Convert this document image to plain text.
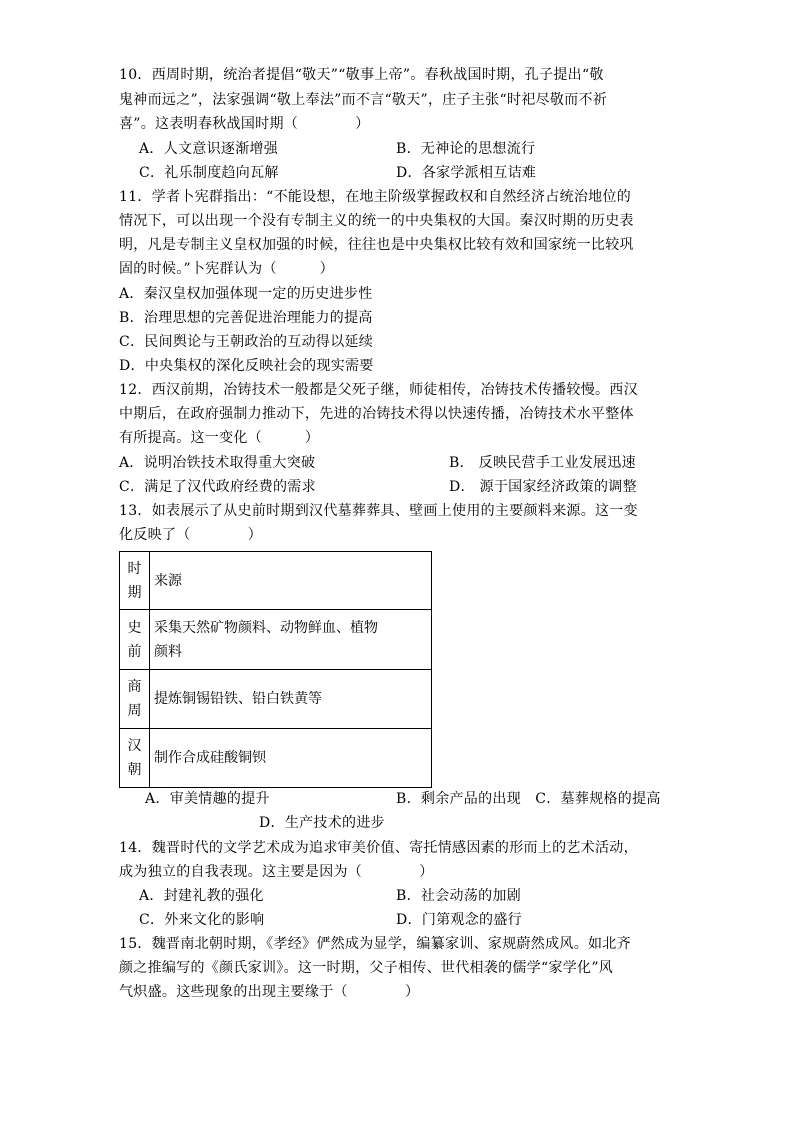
10．西周时期，统治者提倡“敬天”“敬事上帝”。春秋战国时期，孔子提出“敬
鬼神而远之”，法家强调“敬上奉法”而不言“敬天”，庄子主张“时祀尽敬而不祈
喜”。这表明春秋战国时期（　　　　）
A．人文意识逐渐增强	B．无神论的思想流行
C．礼乐制度趋向瓦解	D．各家学派相互诘难
11．学者卜宪群指出：“不能设想，在地主阶级掌握政权和自然经济占统治地位的
情况下，可以出现一个没有专制主义的统一的中央集权的大国。秦汉时期的历史表
明，凡是专制主义皇权加强的时候，往往也是中央集权比较有效和国家统一比较巩
固的时候。”卜宪群认为（　　　）
A．秦汉皇权加强体现一定的历史进步性
B．治理思想的完善促进治理能力的提高
C．民间舆论与王朝政治的互动得以延续
D．中央集权的深化反映社会的现实需要
12．西汉前期，冶铸技术一般都是父死子继，师徒相传，冶铸技术传播较慢。西汉
中期后，在政府强制力推动下，先进的冶铸技术得以快速传播，冶铸技术水平整体
有所提高。这一变化（　　　）
A．说明冶铁技术取得重大突破	B． 反映民营手工业发展迅速
C．满足了汉代政府经费的需求	D． 源于国家经济政策的调整
13．如表展示了从史前时期到汉代墓葬葬具、壁画上使用的主要颜料来源。这一变
化反映了（　　　　）
时
期	来源

史
前	采集天然矿物颜料、动物鲜血、植物
颜料

商
周	提炼铜锡铅铁、铅白铁黄等

汉
朝	制作合成硅酸铜钡
A．审美情趣的提升	B．剩余产品的出现　C．墓葬规格的提高
D．生产技术的进步
14．魏晋时代的文学艺术成为追求审美价值、寄托情感因素的形而上的艺术活动，
成为独立的自我表现。这主要是因为（　　　　）
A．封建礼教的强化	B．社会动荡的加剧
C．外来文化的影响	D．门第观念的盛行
15．魏晋南北朝时期，《孝经》俨然成为显学，编纂家训、家规蔚然成风。如北齐
颜之推编写的《颜氏家训》。这一时期，父子相传、世代相袭的儒学“家学化”风
气炽盛。这些现象的出现主要缘于（　　　　）
